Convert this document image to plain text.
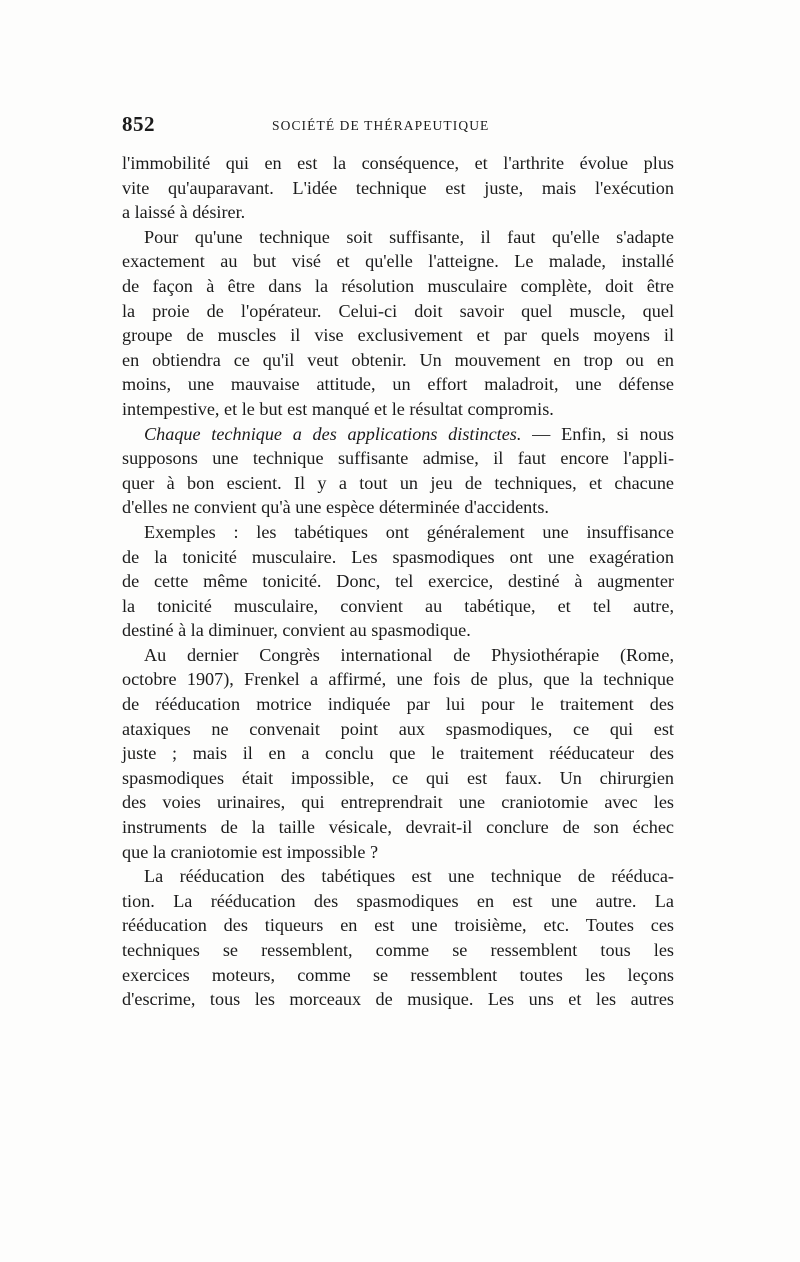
852	SOCIÉTÉ DE THÉRAPEUTIQUE
l'immobilité qui en est la conséquence, et l'arthrite évolue plus
vite qu'auparavant. L'idée technique est juste, mais l'exécution
a laissé à désirer.
Pour qu'une technique soit suffisante, il faut qu'elle s'adapte
exactement au but visé et qu'elle l'atteigne. Le malade, installé
de façon à être dans la résolution musculaire complète, doit être
la proie de l'opérateur. Celui-ci doit savoir quel muscle, quel
groupe de muscles il vise exclusivement et par quels moyens il
en obtiendra ce qu'il veut obtenir. Un mouvement en trop ou en
moins, une mauvaise attitude, un effort maladroit, une défense
intempestive, et le but est manqué et le résultat compromis.
Chaque technique a des applications distinctes. — Enfin, si nous
supposons une technique suffisante admise, il faut encore l'appli-
quer à bon escient. Il y a tout un jeu de techniques, et chacune
d'elles ne convient qu'à une espèce déterminée d'accidents.
Exemples : les tabétiques ont généralement une insuffisance
de la tonicité musculaire. Les spasmodiques ont une exagération
de cette même tonicité. Donc, tel exercice, destiné à augmenter
la tonicité musculaire, convient au tabétique, et tel autre,
destiné à la diminuer, convient au spasmodique.
Au dernier Congrès international de Physiothérapie (Rome,
octobre 1907), Frenkel a affirmé, une fois de plus, que la technique
de rééducation motrice indiquée par lui pour le traitement des
ataxiques ne convenait point aux spasmodiques, ce qui est
juste ; mais il en a conclu que le traitement rééducateur des
spasmodiques était impossible, ce qui est faux. Un chirurgien
des voies urinaires, qui entreprendrait une craniotomie avec les
instruments de la taille vésicale, devrait-il conclure de son échec
que la craniotomie est impossible ?
La rééducation des tabétiques est une technique de rééduca-
tion. La rééducation des spasmodiques en est une autre. La
rééducation des tiqueurs en est une troisième, etc. Toutes ces
techniques se ressemblent, comme se ressemblent tous les
exercices moteurs, comme se ressemblent toutes les leçons
d'escrime, tous les morceaux de musique. Les uns et les autres
